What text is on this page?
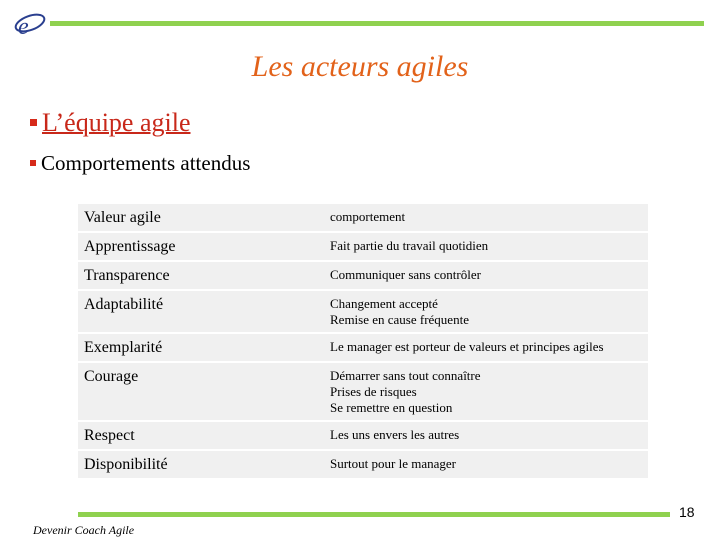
e
Les acteurs agiles
L’équipe agile
Comportements attendus
Valeur agile	comportement
Apprentissage	Fait partie du travail quotidien

Transparence	Communiquer sans contrôler

Adaptabilité	Changement accepté
Remise en cause fréquente

Exemplarité	Le manager est porteur de valeurs et principes agiles

Courage	Démarrer sans tout connaître
Prises de risques
Se remettre en question

Respect	Les uns envers les autres

Disponibilité	Surtout pour le manager
18
Devenir Coach Agile
